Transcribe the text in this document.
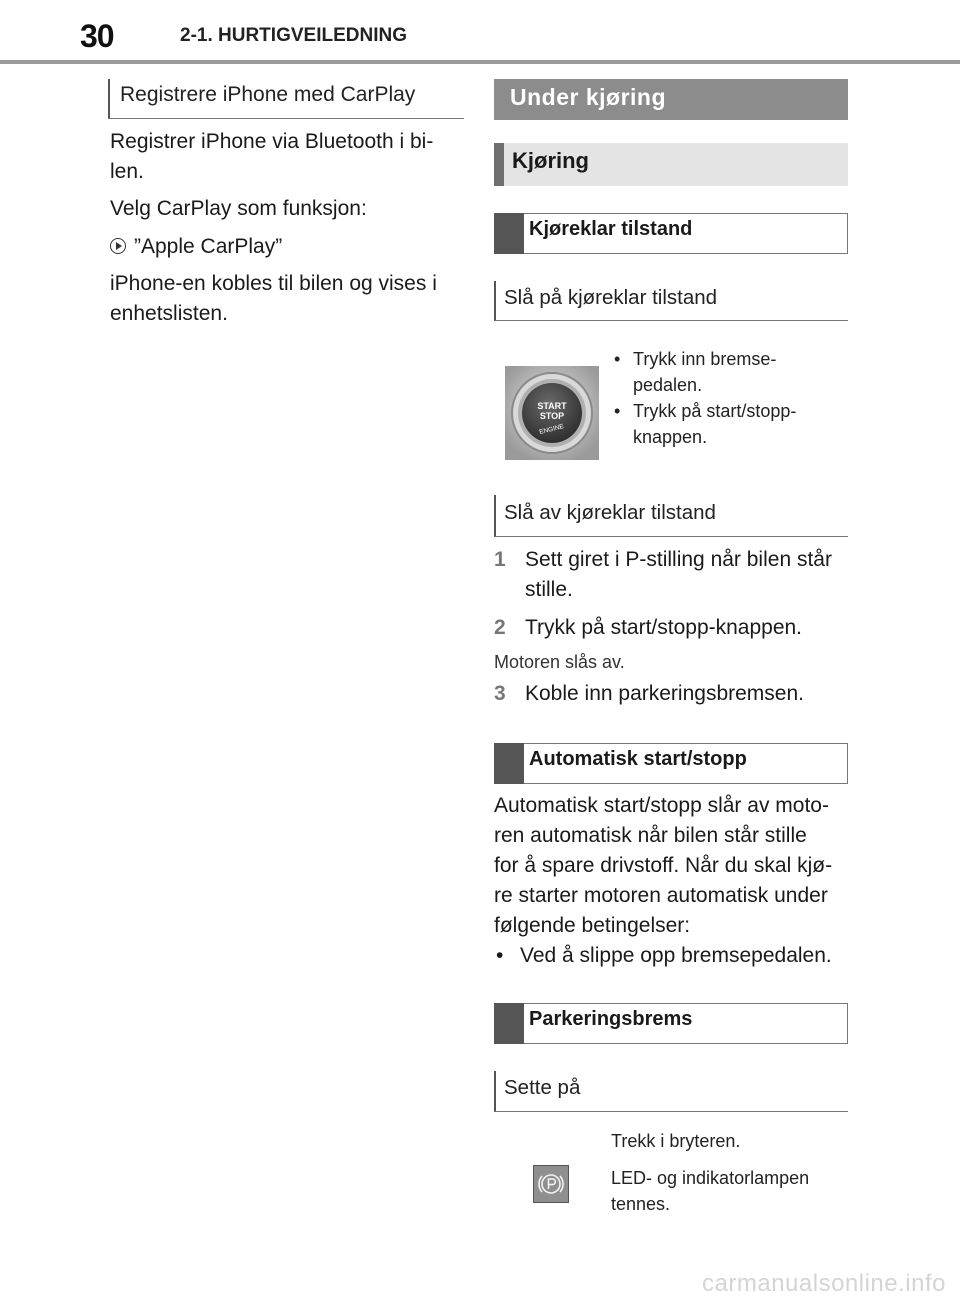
30	2-1. HURTIGVEILEDNING
Registrere iPhone med CarPlay
Registrer iPhone via Bluetooth i bi-
len.
Velg CarPlay som funksjon:
”Apple CarPlay”
iPhone-en kobles til bilen og vises i
enhetslisten.
Under kjøring
Kjøring
Kjøreklar tilstand
Slå på kjøreklar tilstand
START
STOP
ENGINE
• Trykk inn bremse-
pedalen.
• Trykk på start/stopp-
knappen.
Slå av kjøreklar tilstand
1 Sett giret i P-stilling når bilen står
stille.
2 Trykk på start/stopp-knappen.
Motoren slås av.
3 Koble inn parkeringsbremsen.
Automatisk start/stopp
Automatisk start/stopp slår av moto-
ren automatisk når bilen står stille
for å spare drivstoff. Når du skal kjø-
re starter motoren automatisk under
følgende betingelser:
• Ved å slippe opp bremsepedalen.
Parkeringsbrems
Sette på
Trekk i bryteren.
LED- og indikatorlampen
tennes.
carmanualsonline.info
